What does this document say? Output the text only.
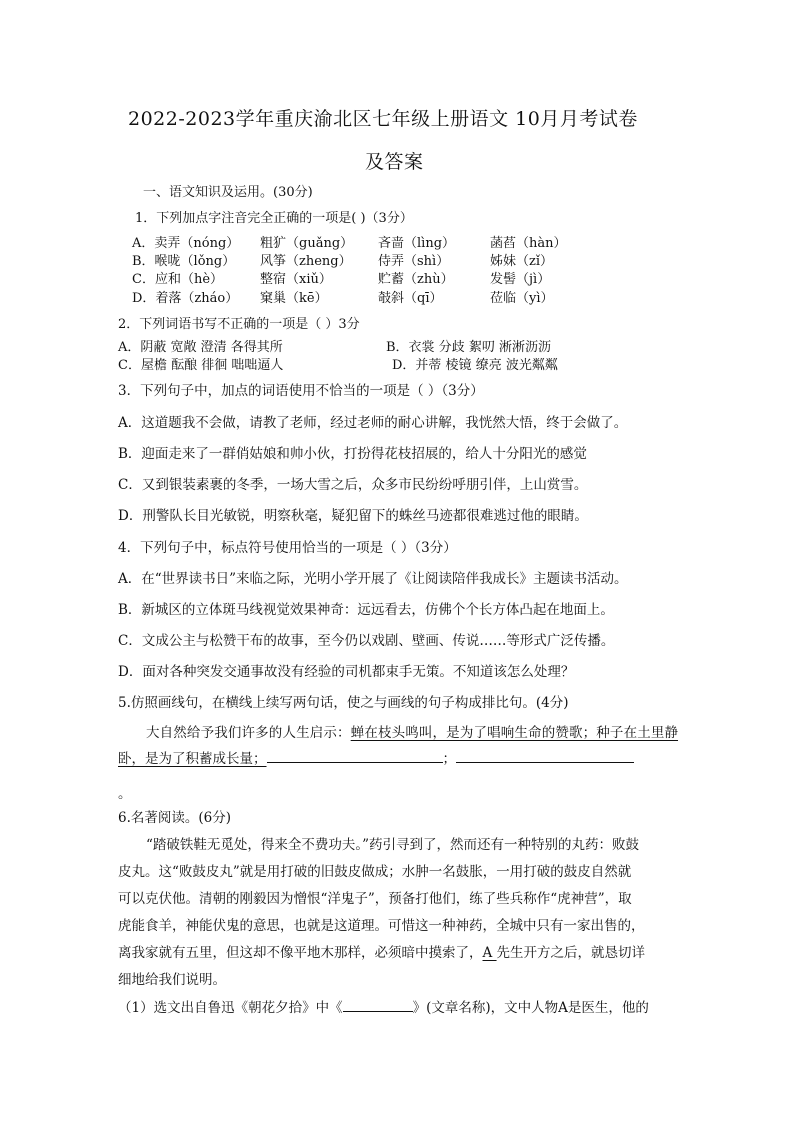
2022-2023学年重庆渝北区七年级上册语文 10月月考试卷
及答案
一、语文知识及运用。(30分)
1．下列加点字注音完全正确的一项是( )（3分）
A．卖弄（nóng） 粗犷（guǎng） 吝啬（lìng）	菡萏（hàn）
B．喉咙（lǒng） 风筝（zheng） 侍弄（shì）	姊妹（zǐ）
C．应和（hè）	整宿（xiǔ）	贮蓄（zhù）	发髻（jì）
D．着落（zháo） 窠巢（kē）	攲斜（qī）	莅临（yì）
2．下列词语书写不正确的一项是（ ）3分
A．阴蔽 宽敞 澄清 各得其所	B．衣裳 分歧 絮叨 淅淅沥沥
C．屋檐 酝酿 徘徊 咄咄逼人	D．并蒂 棱镜 缭亮 波光粼粼
3．下列句子中，加点的词语使用不恰当的一项是（ ）（3分）
A．这道题我不会做，请教了老师，经过老师的耐心讲解，我恍然大悟，终于会做了。
B．迎面走来了一群俏姑娘和帅小伙，打扮得花枝招展的，给人十分阳光的感觉
C．又到银装素裹的冬季，一场大雪之后，众多市民纷纷呼朋引伴，上山赏雪。
D．刑警队长目光敏锐，明察秋毫，疑犯留下的蛛丝马迹都很难逃过他的眼睛。
4．下列句子中，标点符号使用恰当的一项是（ ）（3分）
A．在“世界读书日”来临之际，光明小学开展了《让阅读陪伴我成长》主题读书活动。
B．新城区的立体斑马线视觉效果神奇：远远看去，仿佛个个长方体凸起在地面上。
C．文成公主与松赞干布的故事，至今仍以戏剧、壁画、传说……等形式广泛传播。
D．面对各种突发交通事故没有经验的司机都束手无策。不知道该怎么处理？
5.仿照画线句，在横线上续写两句话，使之与画线的句子构成排比句。(4分)
大自然给予我们许多的人生启示：蝉在枝头鸣叫，是为了唱响生命的赞歌；种子在土里静卧，是为了积蓄成长量；	；
。
6.名著阅读。(6分)
“踏破铁鞋无觅处，得来全不费功夫。”药引寻到了，然而还有一种特别的丸药：败鼓
皮丸。这“败鼓皮丸”就是用打破的旧鼓皮做成；水肿一名鼓胀，一用打破的鼓皮自然就
可以克伏他。清朝的刚毅因为憎恨“洋鬼子”，预备打他们，练了些兵称作“虎神营”，取
虎能食羊，神能伏鬼的意思，也就是这道理。可惜这一种神药，全城中只有一家出售的，
离我家就有五里，但这却不像平地木那样，必须暗中摸索了，A 先生开方之后，就恳切详
细地给我们说明。
（1）选文出自鲁迅《朝花夕拾》中《	》(文章名称)，文中人物A是医生，他的
